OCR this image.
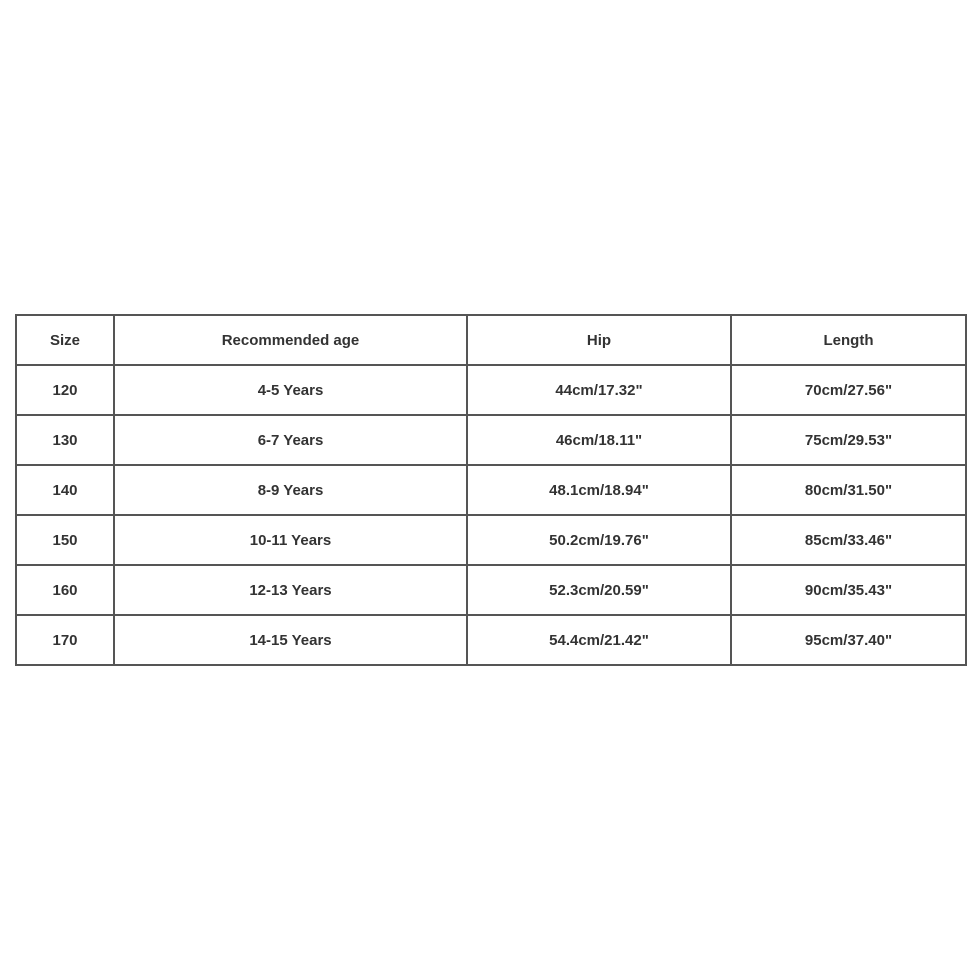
Size	Recommended age	Hip	Length
120	4-5 Years	44cm/17.32"	70cm/27.56"
130	6-7 Years	46cm/18.11"	75cm/29.53"
140	8-9 Years	48.1cm/18.94"	80cm/31.50"
150	10-11 Years	50.2cm/19.76"	85cm/33.46"
160	12-13 Years	52.3cm/20.59"	90cm/35.43"
170	14-15 Years	54.4cm/21.42"	95cm/37.40"
